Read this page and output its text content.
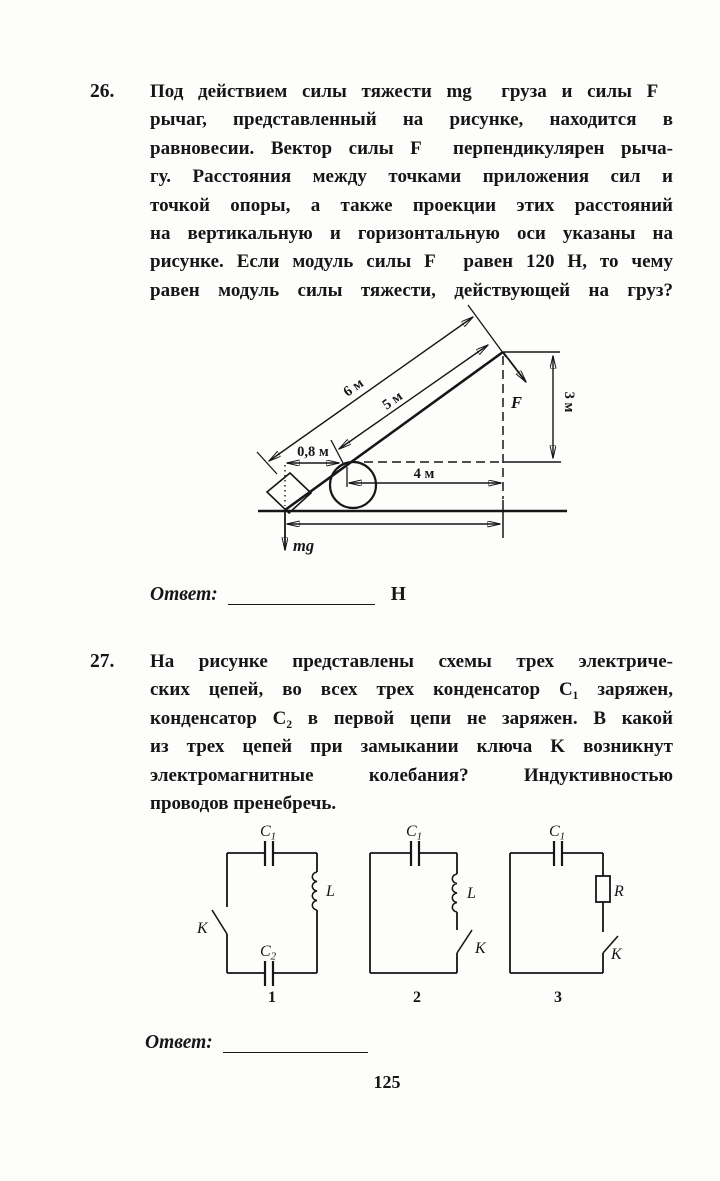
26.	Под действием силы тяжести mg⃗ груза и силы F⃗
рычаг, представленный на рисунке, находится в
равновесии. Вектор силы F⃗ перпендикулярен рыча-
гу. Расстояния между точками приложения сил и
точкой опоры, а также проекции этих расстояний
на вертикальную и горизонтальную оси указаны на
рисунке. Если модуль силы F⃗ равен 120 Н, то чему
равен модуль силы тяжести, действующей на груз?
6 м
5 м	F⃗ 3 м
0,8 м
4 м
mg⃗
Ответ:	Н
27.	На рисунке представлены схемы трех электриче-
ских цепей, во всех трех конденсатор C₁ заряжен,
конденсатор C₂ в первой цепи не заряжен. В какой
из трех цепей при замыкании ключа K возникнут
электромагнитные колебания? Индуктивностью
проводов пренебречь.
$C_1$
L
$C_2$
K
1
$C_1$
L
K
2
$C_1$
R
K
3
Ответ:
125
